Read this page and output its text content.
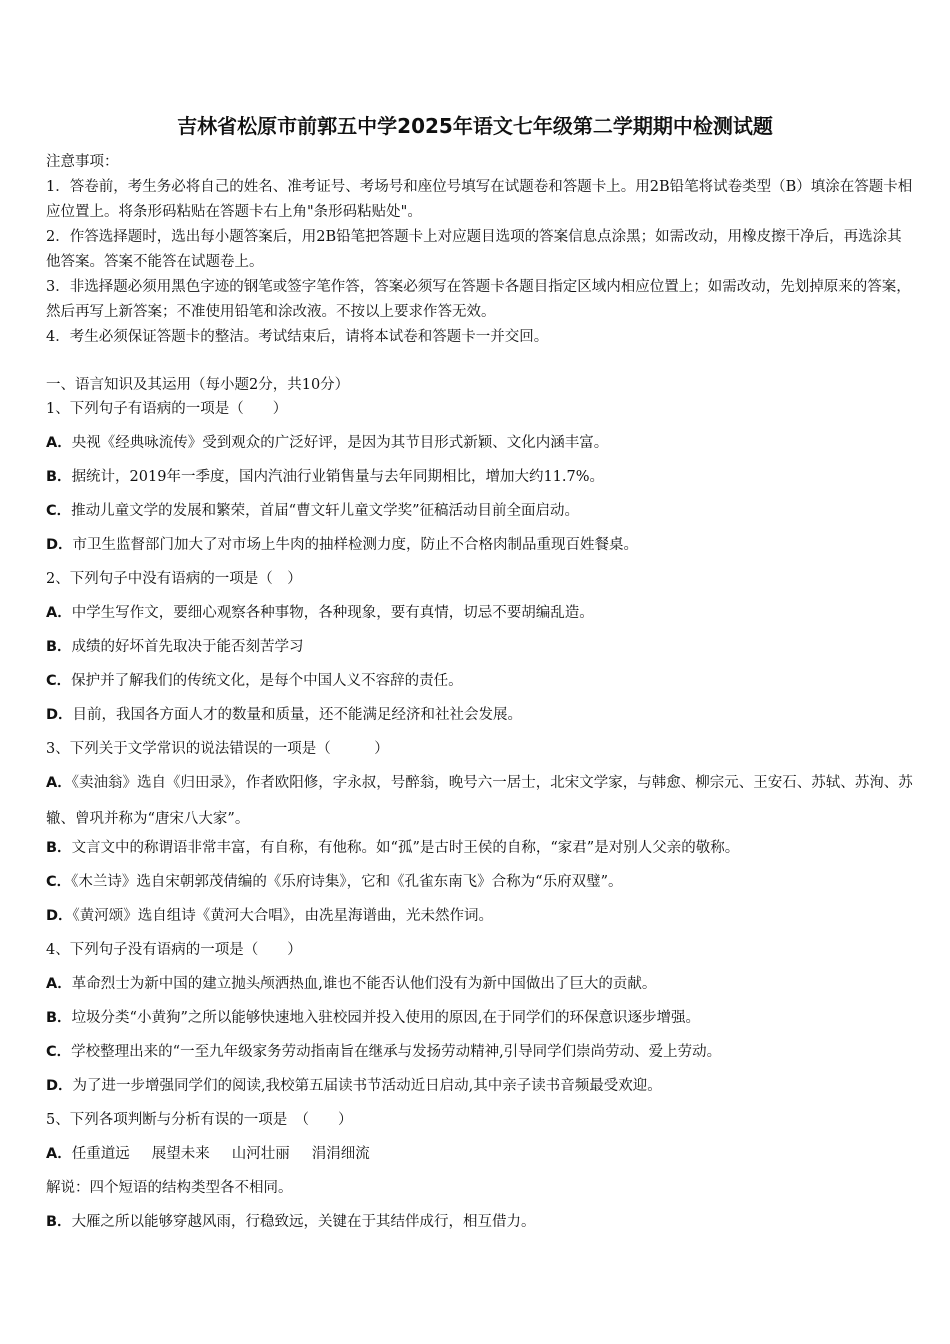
吉林省松原市前郭五中学2025年语文七年级第二学期期中检测试题
注意事项：
1．答卷前，考生务必将自己的姓名、准考证号、考场号和座位号填写在试题卷和答题卡上。用2B铅笔将试卷类型（B）填涂在答题卡相应位置上。将条形码粘贴在答题卡右上角"条形码粘贴处"。
2．作答选择题时，选出每小题答案后，用2B铅笔把答题卡上对应题目选项的答案信息点涂黑；如需改动，用橡皮擦干净后，再选涂其他答案。答案不能答在试题卷上。
3．非选择题必须用黑色字迹的钢笔或签字笔作答，答案必须写在答题卡各题目指定区域内相应位置上；如需改动，先划掉原来的答案，然后再写上新答案；不准使用铅笔和涂改液。不按以上要求作答无效。
4．考生必须保证答题卡的整洁。考试结束后，请将本试卷和答题卡一并交回。
一、语言知识及其运用（每小题2分，共10分）
1、下列句子有语病的一项是（　　）
A．央视《经典咏流传》受到观众的广泛好评，是因为其节目形式新颖、文化内涵丰富。
B．据统计，2019年一季度，国内汽油行业销售量与去年同期相比，增加大约11.7%。
C．推动儿童文学的发展和繁荣，首届“曹文轩儿童文学奖”征稿活动目前全面启动。
D．市卫生监督部门加大了对市场上牛肉的抽样检测力度，防止不合格肉制品重现百姓餐桌。
2、下列句子中没有语病的一项是（　）
A．中学生写作文，要细心观察各种事物，各种现象，要有真情，切忌不要胡编乱造。
B．成绩的好坏首先取决于能否刻苦学习
C．保护并了解我们的传统文化，是每个中国人义不容辞的责任。
D．目前，我国各方面人才的数量和质量，还不能满足经济和社社会发展。
3、下列关于文学常识的说法错误的一项是（　　　）
A．《卖油翁》选自《归田录》，作者欧阳修，字永叔，号醉翁，晚号六一居士，北宋文学家，与韩愈、柳宗元、王安石、苏轼、苏洵、苏辙、曾巩并称为“唐宋八大家”。
B．文言文中的称谓语非常丰富，有自称，有他称。如“孤”是古时王侯的自称，“家君”是对别人父亲的敬称。
C．《木兰诗》选自宋朝郭茂倩编的《乐府诗集》，它和《孔雀东南飞》合称为“乐府双璧”。
D．《黄河颂》选自组诗《黄河大合唱》，由冼星海谱曲，光未然作词。
4、下列句子没有语病的一项是（　　）
A．革命烈士为新中国的建立抛头颅洒热血,谁也不能否认他们没有为新中国做出了巨大的贡献。
B．垃圾分类“小黄狗”之所以能够快速地入驻校园并投入使用的原因,在于同学们的环保意识逐步增强。
C．学校整理出来的“一至九年级家务劳动指南旨在继承与发扬劳动精神,引导同学们崇尚劳动、爱上劳动。
D．为了进一步增强同学们的阅读,我校第五届读书节活动近日启动,其中亲子读书音频最受欢迎。
5、下列各项判断与分析有误的一项是　（　　）
A．任重道远 展望未来 山河壮丽 涓涓细流
解说：四个短语的结构类型各不相同。
B．大雁之所以能够穿越风雨，行稳致远，关键在于其结伴成行，相互借力。
